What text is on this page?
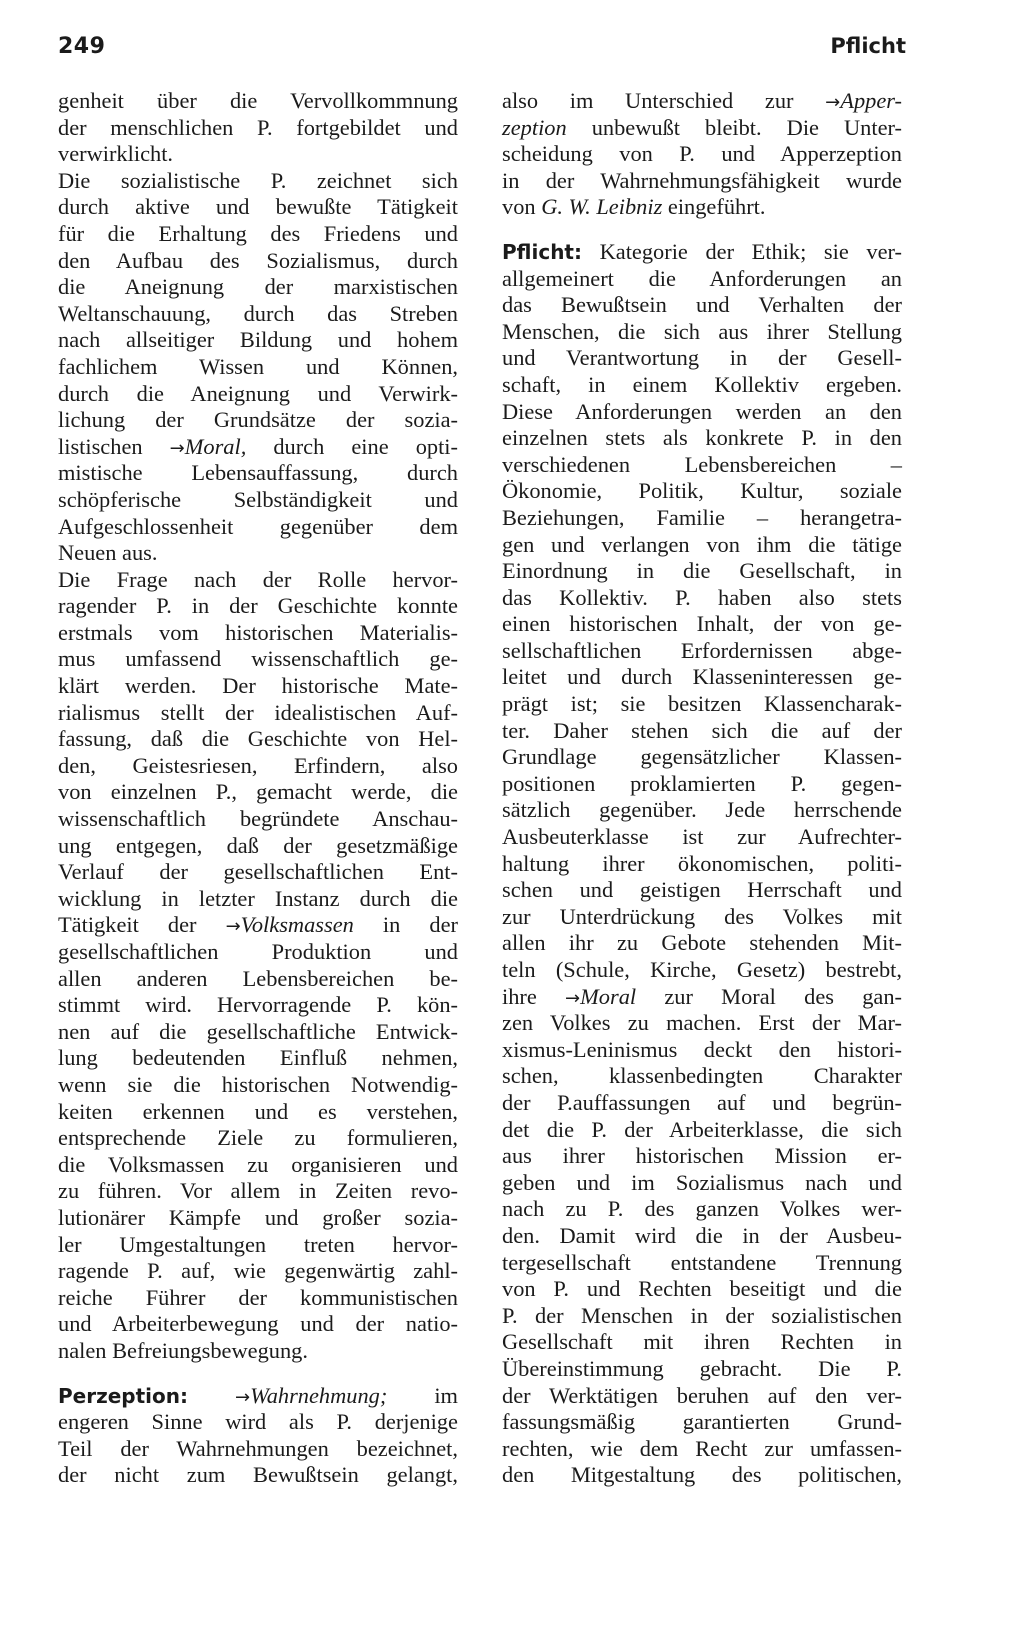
249	Pflicht
genheit über die Vervollkommnung
der menschlichen P. fortgebildet und
verwirklicht.
Die sozialistische P. zeichnet sich
durch aktive und bewußte Tätigkeit
für die Erhaltung des Friedens und
den Aufbau des Sozialismus, durch
die Aneignung der marxistischen
Weltanschauung, durch das Streben
nach allseitiger Bildung und hohem
fachlichem Wissen und Können,
durch die Aneignung und Verwirk-
lichung der Grundsätze der sozia-
listischen →Moral, durch eine opti-
mistische Lebensauffassung, durch
schöpferische Selbständigkeit und
Aufgeschlossenheit gegenüber dem
Neuen aus.
Die Frage nach der Rolle hervor-
ragender P. in der Geschichte konnte
erstmals vom historischen Materialis-
mus umfassend wissenschaftlich ge-
klärt werden. Der historische Mate-
rialismus stellt der idealistischen Auf-
fassung, daß die Geschichte von Hel-
den, Geistesriesen, Erfindern, also
von einzelnen P., gemacht werde, die
wissenschaftlich begründete Anschau-
ung entgegen, daß der gesetzmäßige
Verlauf der gesellschaftlichen Ent-
wicklung in letzter Instanz durch die
Tätigkeit der →Volksmassen in der
gesellschaftlichen Produktion und
allen anderen Lebensbereichen be-
stimmt wird. Hervorragende P. kön-
nen auf die gesellschaftliche Entwick-
lung bedeutenden Einfluß nehmen,
wenn sie die historischen Notwendig-
keiten erkennen und es verstehen,
entsprechende Ziele zu formulieren,
die Volksmassen zu organisieren und
zu führen. Vor allem in Zeiten revo-
lutionärer Kämpfe und großer sozia-
ler Umgestaltungen treten hervor-
ragende P. auf, wie gegenwärtig zahl-
reiche Führer der kommunistischen
und Arbeiterbewegung und der natio-
nalen Befreiungsbewegung.
Perzeption:	→Wahrnehmung; im
engeren Sinne wird als P. derjenige
Teil der Wahrnehmungen bezeichnet,
der nicht zum Bewußtsein gelangt,
also im Unterschied zur →Apper-
zeption unbewußt bleibt. Die Unter-
scheidung von P. und Apperzeption
in der Wahrnehmungsfähigkeit wurde
von G. W. Leibniz eingeführt.
Pflicht: Kategorie der Ethik; sie ver-
allgemeinert die Anforderungen an
das Bewußtsein und Verhalten der
Menschen, die sich aus ihrer Stellung
und Verantwortung in der Gesell-
schaft, in einem Kollektiv ergeben.
Diese Anforderungen werden an den
einzelnen stets als konkrete P. in den
verschiedenen Lebensbereichen –
Ökonomie, Politik, Kultur, soziale
Beziehungen, Familie – herangetra-
gen und verlangen von ihm die tätige
Einordnung in die Gesellschaft, in
das Kollektiv. P. haben also stets
einen historischen Inhalt, der von ge-
sellschaftlichen Erfordernissen abge-
leitet und durch Klasseninteressen ge-
prägt ist; sie besitzen Klassencharak-
ter. Daher stehen sich die auf der
Grundlage gegensätzlicher Klassen-
positionen proklamierten P. gegen-
sätzlich gegenüber. Jede herrschende
Ausbeuterklasse ist zur Aufrechter-
haltung ihrer ökonomischen, politi-
schen und geistigen Herrschaft und
zur Unterdrückung des Volkes mit
allen ihr zu Gebote stehenden Mit-
teln (Schule, Kirche, Gesetz) bestrebt,
ihre →Moral zur Moral des gan-
zen Volkes zu machen. Erst der Mar-
xismus-Leninismus deckt den histori-
schen, klassenbedingten Charakter
der P.auffassungen auf und begrün-
det die P. der Arbeiterklasse, die sich
aus ihrer historischen Mission er-
geben und im Sozialismus nach und
nach zu P. des ganzen Volkes wer-
den. Damit wird die in der Ausbeu-
tergesellschaft entstandene Trennung
von P. und Rechten beseitigt und die
P. der Menschen in der sozialistischen
Gesellschaft mit ihren Rechten in
Übereinstimmung gebracht. Die P.
der Werktätigen beruhen auf den ver-
fassungsmäßig garantierten Grund-
rechten, wie dem Recht zur umfassen-
den Mitgestaltung des politischen,
